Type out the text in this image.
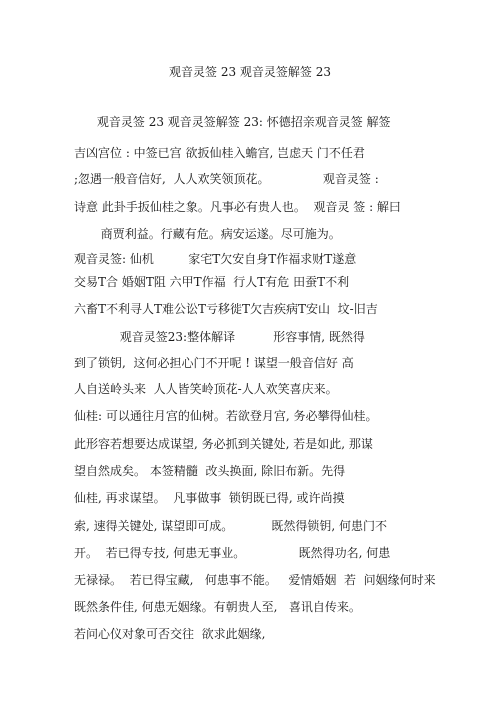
观音灵签 23 观音灵签解签 23
观音灵签 23 观音灵签解签 23: 怀德招亲观音灵签 解签
吉凶宫位 : 中签已宫 欲扳仙桂入蟾宫, 岂虑天 门不任君
;忽遇一般音信好,  人人欢笑领顶花。              观音灵签 :
诗意 此卦手扳仙桂之象。凡事必有贵人也。  观音灵 签 : 解曰
商贾利益。行藏有危。病安运遂。尽可施为。
观音灵签: 仙机         家宅T欠安自身T作福求财T遂意
交易T合 婚姻T阻 六甲T作福  行人T有危 田蚕T不利
六畜T不利寻人T难公讼T亏移徙T欠吉疾病T安山  坟-旧吉
观音灵签23:整体解译          形容事情, 既然得
到了锁钥,  这何必担心门不开呢 ! 谋望一般音信好 高
人自送岭头来  人人皆笑岭顶花-人人欢笑喜庆来。
仙桂: 可以通往月宫的仙树。若欲登月宫, 务必攀得仙桂。
此形容若想要达成谋望, 务必抓到关键处, 若是如此, 那谋
望自然成矣。 本签精髓  改头换面, 除旧布新。先得
仙桂, 再求谋望。  凡事做事  锁钥既已得, 或许尚摸
索, 速得关键处, 谋望即可成。          既然得锁钥, 何患门不
开。  若已得专技, 何患无事业。              既然得功名, 何患
无禄禄。  若已得宝藏,   何患事不能。   爱情婚姻  若  问姻缘何时来
既然条件佳, 何患无姻缘。有朝贵人至,   喜讯自传来。
若问心仪对象可否交往  欲求此姻缘,
